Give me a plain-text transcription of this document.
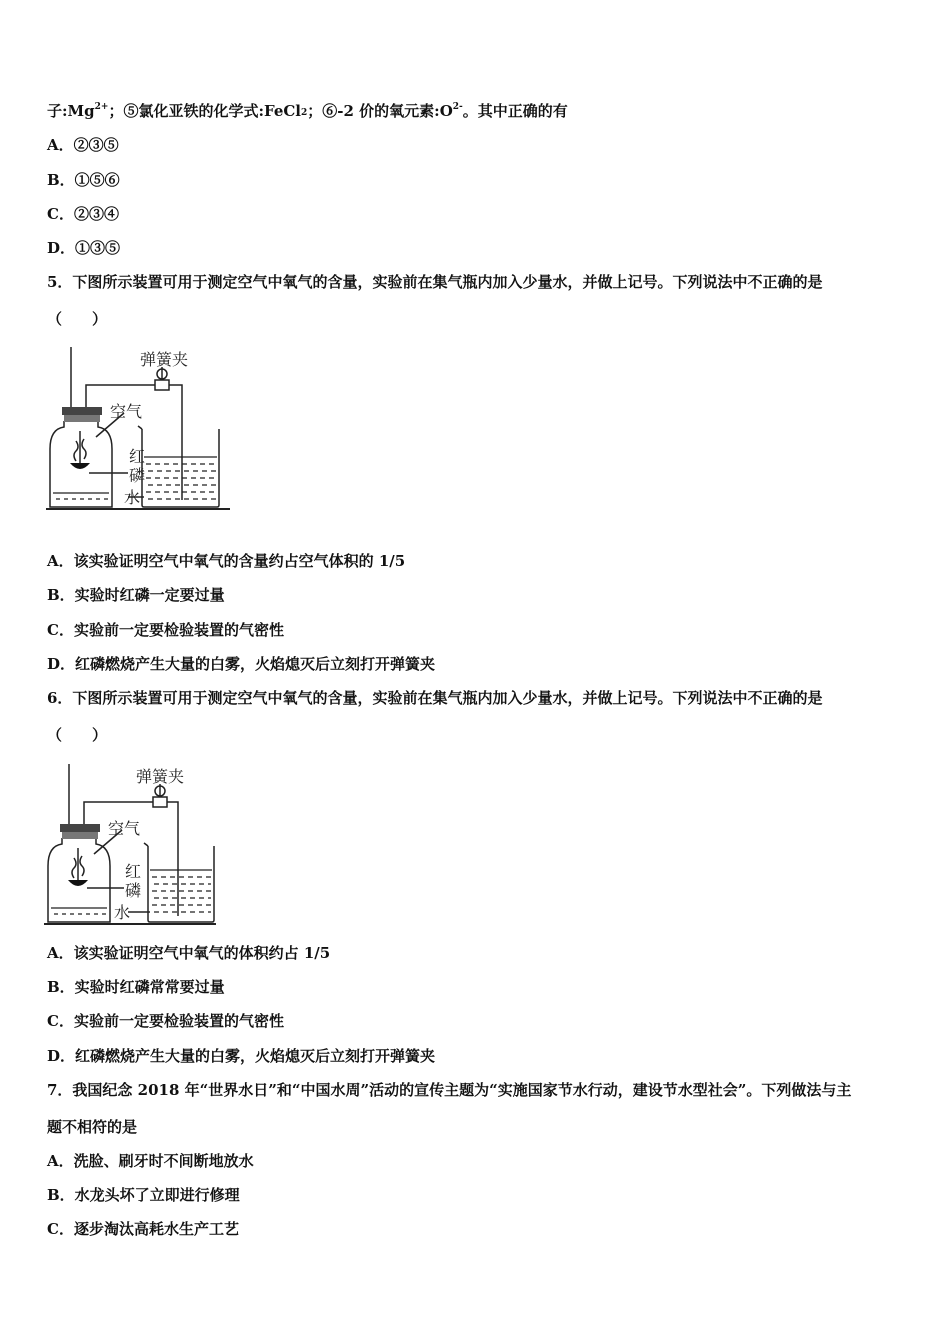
子$:Mg^{2+}$；⑤氯化亚铁的化学式:FeCl$_2$；⑥-2 价的氧元素$:O^{2-}$。其中正确的有
A．②③⑤
B．①⑤⑥
C．②③④
D．①③⑤
5．下图所示装置可用于测定空气中氧气的含量，实验前在集气瓶内加入少量水，并做上记号。下列说法中不正确的是
（　　）
弹簧夹
空气
红
磷
水
A．该实验证明空气中氧气的含量约占空气体积的 1/5
B．实验时红磷一定要过量
C．实验前一定要检验装置的气密性
D．红磷燃烧产生大量的白雾，火焰熄灭后立刻打开弹簧夹
6．下图所示装置可用于测定空气中氧气的含量，实验前在集气瓶内加入少量水，并做上记号。下列说法中不正确的是
（　　）
弹簧夹
空气
红
磷
水
A．该实验证明空气中氧气的体积约占 1/5
B．实验时红磷常常要过量
C．实验前一定要检验装置的气密性
D．红磷燃烧产生大量的白雾，火焰熄灭后立刻打开弹簧夹
7．我国纪念 2018 年“世界水日”和“中国水周”活动的宣传主题为“实施国家节水行动，建设节水型社会”。下列做法与主
题不相符的是
A．洗脸、刷牙时不间断地放水
B．水龙头坏了立即进行修理
C．逐步淘汰高耗水生产工艺
